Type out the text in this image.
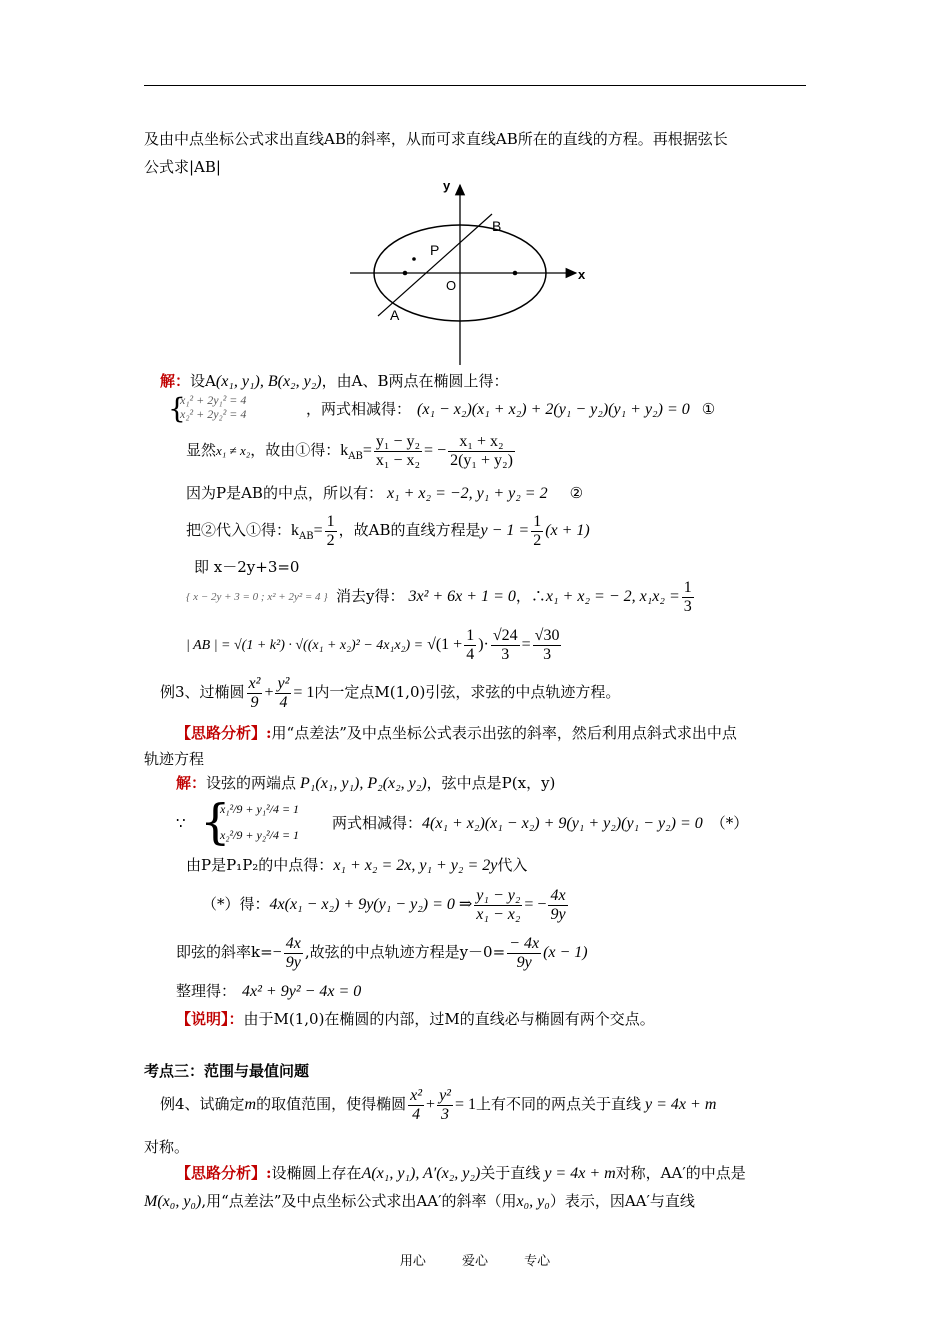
及由中点坐标公式求出直线AB的斜率，从而可求直线AB所在的直线的方程。再根据弦长
公式求|AB|
y
x
O
P
A
B
解：设A(x₁, y₁), B(x₂, y₂)，由A、B两点在椭圆上得：
{
x₁² + 2y₁² = 4
x₂² + 2y₂² = 4	，两式相减得： (x₁ − x₂)(x₁ + x₂) + 2(y₁ − y₂)(y₁ + y₂) = 0 ①
显然x₁ ≠ x₂，故由①得：$k_{AB}= \frac{\text{y₁ − y₂}}{\text{x₁ − x₂}}$ = − $\frac{\text{x₁ + x₂}}{\text{2(y₁ + y₂)}}$
因为P是AB的中点，所以有： x₁ + x₂ = −2, y₁ + y₂ = 2 ②
把②代入①得：$k_{AB}= \frac{1}{2}$ ，故AB的直线方程是$y - 1 = \frac{1}{2} (x + 1)$
即 x－2y+3=0
{ x − 2y + 3 = 0 ; x² + 2y² = 4 } 消去y得： 3x² + 6x + 1 = 0，∴x₁ + x₂ = − 2, $x_1x_2 = \frac{1}{3}$
| AB | = $√(1 + k^2) \cdot √((x_1 + x_2)^2 - 4x_1x_2) = √(1 + \frac{1}{4}$ )· $\frac{√24}{3} = \frac{√30}{3}$
例3、过椭圆 $\frac{\text{x²}}{9} + \frac{\text{y²}}{4} = 1$内一定点M(1,0)引弦，求弦的中点轨迹方程。
【思路分析】:用“点差法”及中点坐标公式表示出弦的斜率，然后利用点斜式求出中点
轨迹方程
解：设弦的两端点 P₁(x₁, y₁), P₂(x₂, y₂)，弦中点是P(x，y)
∵ {
x₁²/9 + y₁²/4 = 1
x₂²/9 + y₂²/4 = 1
两式相减得：4(x₁ + x₂)(x₁ − x₂) + 9(y₁ + y₂)(y₁ − y₂) = 0 （*）
由P是P₁P₂的中点得：x₁ + x₂ = 2x, y₁ + y₂ = 2y代入
（*）得：4x(x₁ − x₂) + 9y(y₁ − y₂) = 0 ⇒ $\frac{\text{y₁ − y₂}}{\text{x₁ − x₂}}$ = − $\frac{4x}{9y}$
即弦的斜率$k=- \frac{4x}{9y}$ ,故弦的中点轨迹方程是$y-0= \frac{- 4x}{9y} (x - 1)$
整理得： 4x² + 9y² − 4x = 0
【说明】：由于M(1,0)在椭圆的内部，过M的直线必与椭圆有两个交点。
考点三：范围与最值问题
例4、试确定m的取值范围，使得椭圆 $\frac{\text{x²}}{4} + \frac{\text{y²}}{3} = 1$上有不同的两点关于直线 y = 4x + m
对称。
【思路分析】:设椭圆上存在A(x₁, y₁), A′(x₂, y₂)关于直线 y = 4x + m对称，AA′的中点是
M(x₀, y₀),用“点差法”及中点坐标公式求出AA′的斜率（用x₀, y₀）表示，因AA′与直线
用心	爱心	专心
